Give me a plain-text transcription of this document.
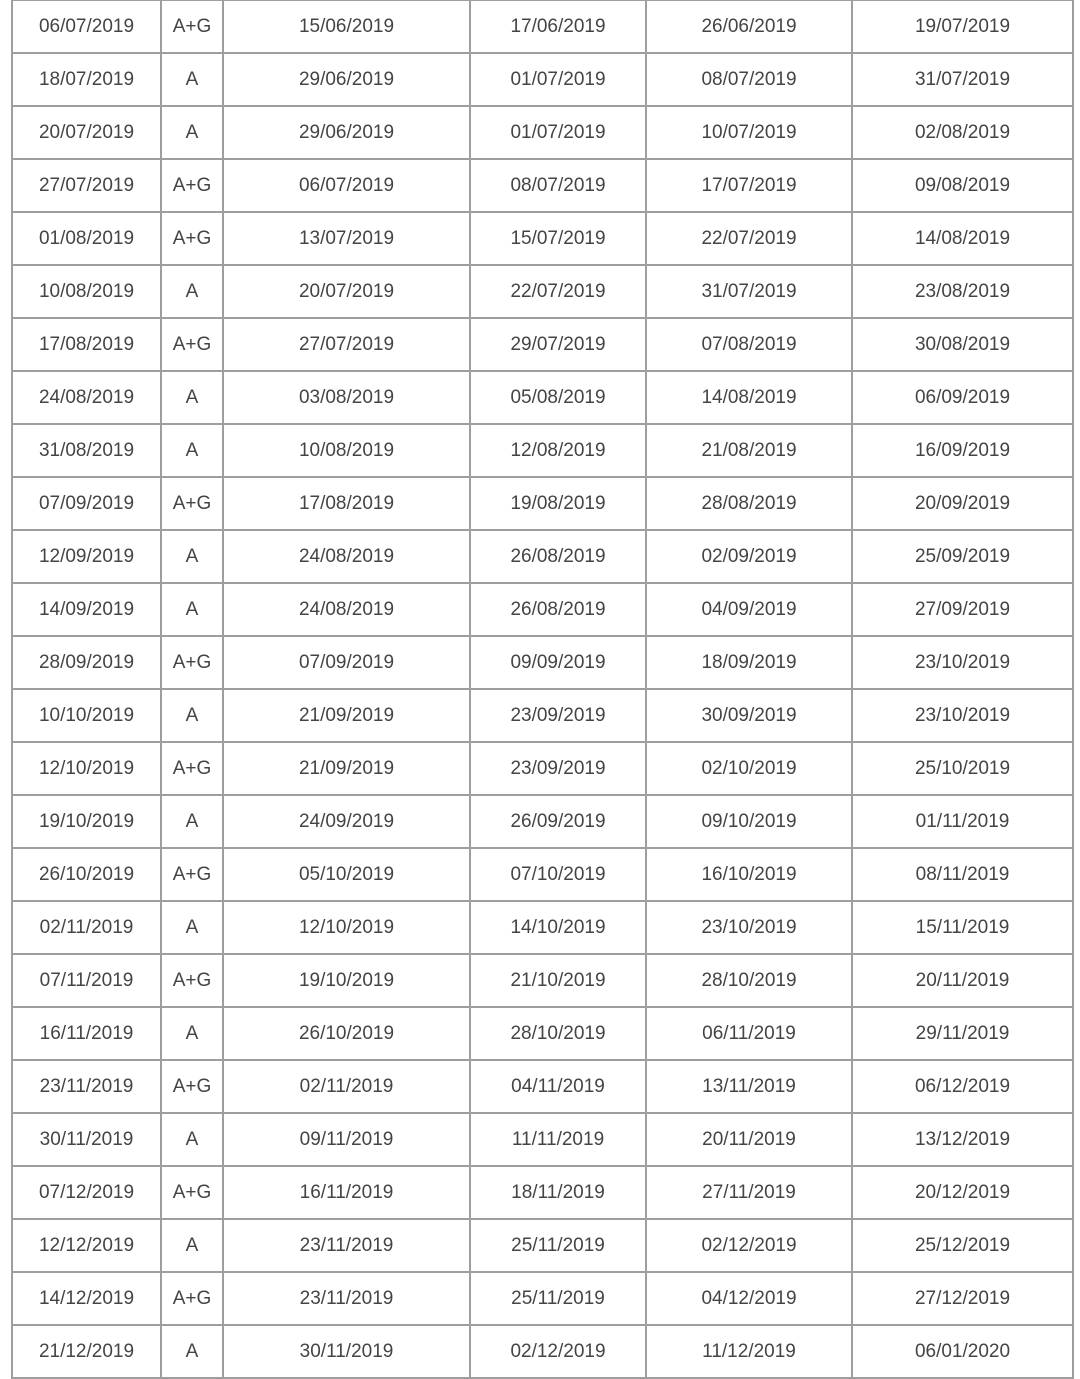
06/07/2019	A+G	15/06/2019	17/06/2019	26/06/2019	19/07/2019
18/07/2019	A	29/06/2019	01/07/2019	08/07/2019	31/07/2019
20/07/2019	A	29/06/2019	01/07/2019	10/07/2019	02/08/2019
27/07/2019	A+G	06/07/2019	08/07/2019	17/07/2019	09/08/2019
01/08/2019	A+G	13/07/2019	15/07/2019	22/07/2019	14/08/2019
10/08/2019	A	20/07/2019	22/07/2019	31/07/2019	23/08/2019
17/08/2019	A+G	27/07/2019	29/07/2019	07/08/2019	30/08/2019
24/08/2019	A	03/08/2019	05/08/2019	14/08/2019	06/09/2019
31/08/2019	A	10/08/2019	12/08/2019	21/08/2019	16/09/2019
07/09/2019	A+G	17/08/2019	19/08/2019	28/08/2019	20/09/2019
12/09/2019	A	24/08/2019	26/08/2019	02/09/2019	25/09/2019
14/09/2019	A	24/08/2019	26/08/2019	04/09/2019	27/09/2019
28/09/2019	A+G	07/09/2019	09/09/2019	18/09/2019	23/10/2019
10/10/2019	A	21/09/2019	23/09/2019	30/09/2019	23/10/2019
12/10/2019	A+G	21/09/2019	23/09/2019	02/10/2019	25/10/2019
19/10/2019	A	24/09/2019	26/09/2019	09/10/2019	01/11/2019
26/10/2019	A+G	05/10/2019	07/10/2019	16/10/2019	08/11/2019
02/11/2019	A	12/10/2019	14/10/2019	23/10/2019	15/11/2019
07/11/2019	A+G	19/10/2019	21/10/2019	28/10/2019	20/11/2019
16/11/2019	A	26/10/2019	28/10/2019	06/11/2019	29/11/2019
23/11/2019	A+G	02/11/2019	04/11/2019	13/11/2019	06/12/2019
30/11/2019	A	09/11/2019	11/11/2019	20/11/2019	13/12/2019
07/12/2019	A+G	16/11/2019	18/11/2019	27/11/2019	20/12/2019
12/12/2019	A	23/11/2019	25/11/2019	02/12/2019	25/12/2019
14/12/2019	A+G	23/11/2019	25/11/2019	04/12/2019	27/12/2019
21/12/2019	A	30/11/2019	02/12/2019	11/12/2019	06/01/2020
